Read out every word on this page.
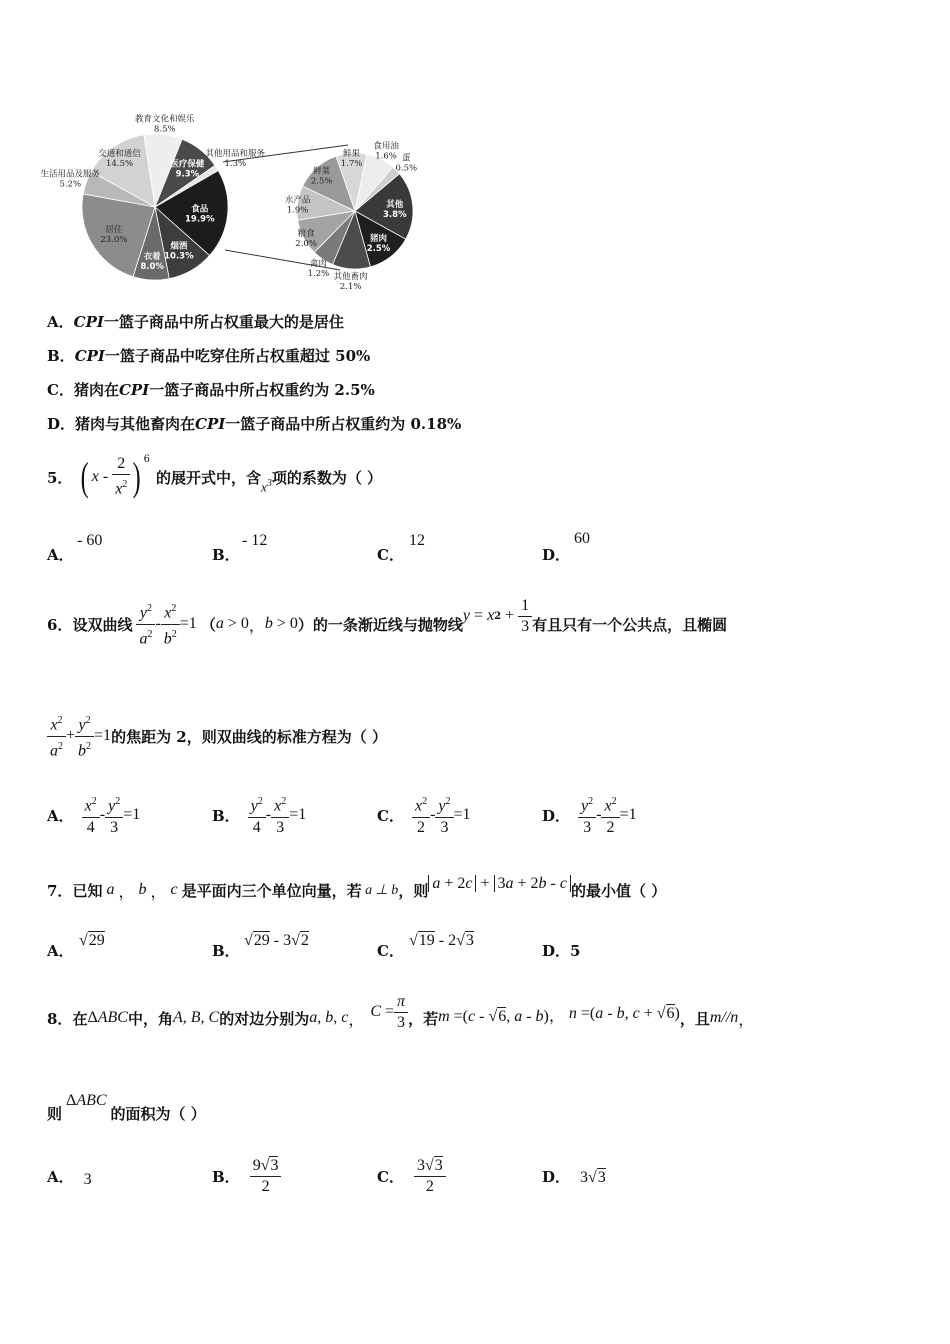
食品 19.9%
烟酒 10.3%
衣着 8.0%
居住 23.0%
生活用品及服务 5.2%
交通和通信 14.5%
教育文化和娱乐 8.5%
医疗保健 9.3%
其他用品和服务 1.3%
其他 3.8%
猪肉 2.5%
其他畜肉 2.1%
禽肉 1.2%
粮食 2.0%
水产品 1.9%
鲜菜 2.5%
鲜果 1.7%
食用油 1.6% 蛋 0.5%
A．CPI一篮子商品中所占权重最大的是居住
B．CPI一篮子商品中吃穿住所占权重超过 50%
C．猪肉在CPI一篮子商品中所占权重约为 2.5%
D．猪肉与其他畜肉在CPI一篮子商品中所占权重约为 0.18%
5． ( x - $\frac{2}{x^2}$ ) $^6$
的展开式中，含
$x^3$ 项的系数为（ ）
A．
- 60
B．
- 12
C．
12
D．
60
6． 设双曲线 $\frac{y^2}{a^2} - \frac{x^2}{b^2} =1$ （ a > 0 ， b > 0 ）的一条渐近线与抛物线 y = x $2 + \frac{1}{3}$ 有且只有一个公共点，且椭圆
$\frac{x^2}{a^2} + \frac{y^2}{b^2} =1$ 的焦距为 2，则双曲线的标准方程为（ ）
A． $\frac{x^2}{4} - \frac{y^2}{3} =1$	B． $\frac{y^2}{4} - \frac{x^2}{3} =1$	C． $\frac{x^2}{2} - \frac{y^2}{3} =1$	D． $\frac{y^2}{3} - \frac{x^2}{2} =1$
7． 已知 a ， b ， c 是平面内三个单位向量，若 a ⊥ b ，则 a + 2c + 3a + 2b - c 的最小值（ ）
A．
√29
B．
√29 - 3√2
C．
√19 - 2√3
D．5
8． 在 ΔABC 中，角 A, B, C 的对边分别为 a, b, c ， $C = \frac{\pi}{3}$ ，若 m =(c - √6, a - b)， n =(a - b, c + √6) ，且 m//n ，
则
ΔABC
的面积为（ ）
A． 3	B． $\frac{9√3}{2}$	C． $\frac{3√3}{2}$	D． 3√3
